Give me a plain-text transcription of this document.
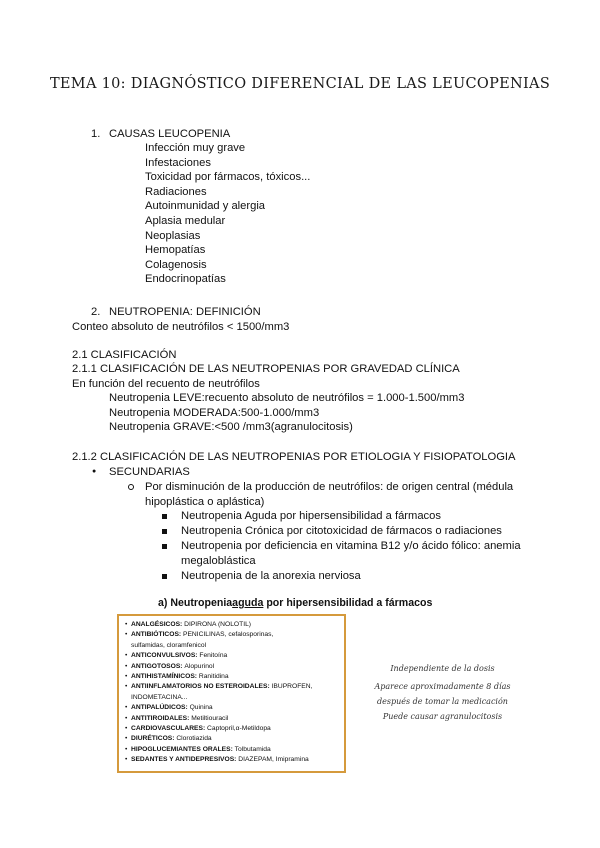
TEMA 10: DIAGNÓSTICO DIFERENCIAL DE LAS LEUCOPENIAS
1. CAUSAS LEUCOPENIA
2. NEUTROPENIA: DEFINICIÓN
Conteo absoluto de neutrófilos < 1500/mm3
2.1 CLASIFICACIÓN
2.1.1 CLASIFICACIÓN DE LAS NEUTROPENIAS POR GRAVEDAD CLÍNICA
En función del recuento de neutrófilos
2.1.2 CLASIFICACIÓN DE LAS NEUTROPENIAS POR ETIOLOGIA Y FISIOPATOLOGIA
● SECUNDARIAS
Por disminución de la producción de neutrófilos: de origen central (médula
hipoplástica o aplástica)
a) Neutropeniaaguda por hipersensibilidad a fármacos
• ANALGÉSICOS: DIPIRONA (NOLOTIL)
• ANTIBIÓTICOS: PENICILINAS, cefalosporinas,
sulfamidas, cloramfenicol
• ANTICONVULSIVOS: Fenitoína
• ANTIGOTOSOS: Alopurinol
• ANTIHISTAMÍNICOS: Ranitidina
• ANTIINFLAMATORIOS NO ESTEROIDALES: IBUPROFEN,
INDOMETACINA...
• ANTIPALÚDICOS: Quinina
• ANTITIROIDALES: Metiltiouracil
• CARDIOVASCULARES: Captopril,α-Metildopa
• DIURÉTICOS: Clorotiazida
• HIPOGLUCEMIANTES ORALES: Tolbutamida
• SEDANTES Y ANTIDEPRESIVOS: DIAZEPAM, Imipramina
Infección muy grave
Infestaciones
Toxicidad por fármacos, tóxicos...
Radiaciones
Autoinmunidad y alergia
Aplasia medular
Neoplasias
Hemopatías
Colagenosis
Endocrinopatías
Neutropenia LEVE:recuento absoluto de neutrófilos = 1.000-1.500/mm3
Neutropenia MODERADA:500-1.000/mm3
Neutropenia GRAVE:<500 /mm3(agranulocitosis)
Neutropenia Aguda por hipersensibilidad a fármacos
Neutropenia Crónica por citotoxicidad de fármacos o radiaciones
Neutropenia por deficiencia en vitamina B12 y/o ácido fólico: anemia
megaloblástica
Neutropenia de la anorexia nerviosa
Independiente de la dosis
Aparece aproximadamente 8 días
después de tomar la medicación
Puede causar agranulocitosis
